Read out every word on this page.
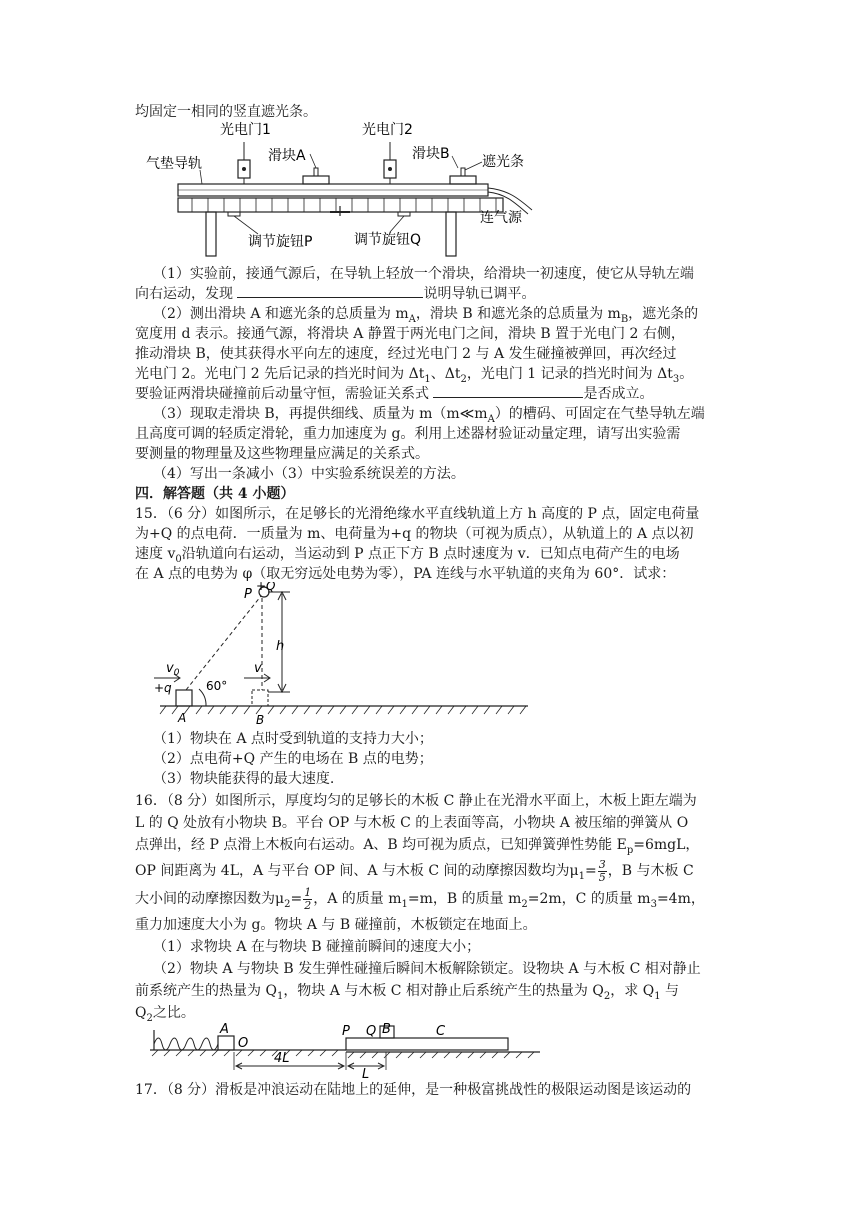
均固定一相同的竖直遮光条。
光电门1	光电门2
气垫导轨	滑块A	滑块B 遮光条
连气源
调节旋钮P	调节旋钮Q
（1）实验前，接通气源后，在导轨上轻放一个滑块，给滑块一初速度，使它从导轨左端
向右运动，发现	说明导轨已调平。
（2）测出滑块 A 和遮光条的总质量为 $m_A$，滑块 B 和遮光条的总质量为 $m_B$，遮光条的
宽度用 d 表示。接通气源，将滑块 A 静置于两光电门之间，滑块 B 置于光电门 2 右侧，
推动滑块 B，使其获得水平向左的速度，经过光电门 2 与 A 发生碰撞被弹回，再次经过
光电门 2。光电门 2 先后记录的挡光时间为 $\Delta t_1$、$\Delta t_2$，光电门 1 记录的挡光时间为 $\Delta t_3$。
要验证两滑块碰撞前后动量守恒，需验证关系式	是否成立。
（3）现取走滑块 B，再提供细线、质量为 $m(m≪m_A)$的槽码、可固定在气垫导轨左端
且高度可调的轻质定滑轮，重力加速度为 g。利用上述器材验证动量定理，请写出实验需
要测量的物理量及这些物理量应满足的关系式。
（4）写出一条减小（3）中实验系统误差的方法。
四．解答题（共 4 小题）
15．（6 分）如图所示，在足够长的光滑绝缘水平直线轨道上方 h 高度的 P 点，固定电荷量
为+Q 的点电荷．一质量为 m、电荷量为+q 的物块（可视为质点），从轨道上的 A 点以初
速度 $v_0$沿轨道向右运动，当运动到 P 点正下方 B 点时速度为 v．已知点电荷产生的电场
在 A 点的电势为 φ（取无穷远处电势为零），PA 连线与水平轨道的夹角为 60°．试求：
P
+Q
h
$v_0$
+q
v
60°
A	B
（1）物块在 A 点时受到轨道的支持力大小；
（2）点电荷+Q 产生的电场在 B 点的电势；
（3）物块能获得的最大速度.
16．（8 分）如图所示，厚度均匀的足够长的木板 C 静止在光滑水平面上，木板上距左端为
L 的 Q 处放有小物块 B。平台 OP 与木板 C 的上表面等高，小物块 A 被压缩的弹簧从 O
点弹出，经 P 点滑上木板向右运动。A、B 均可视为质点，已知弹簧弹性势能 $E_p=6mgL$，
OP 间距离为 4L，A 与平台 OP 间、A 与木板 C 间的动摩擦因数均为$\mu_1= \frac{3}{5}$ ，B 与木板 C
大小间的动摩擦因数为$\mu_2= \frac{1}{2}$ ，A 的质量 $m_1=m$，B 的质量 $m_2=2m$，C 的质量 $m_3=4m$，
重力加速度大小为 g。物块 A 与 B 碰撞前，木板锁定在地面上。
（1）求物块 A 在与物块 B 碰撞前瞬间的速度大小；
（2）物块 A 与物块 B 发生弹性碰撞后瞬间木板解除锁定。设物块 A 与木板 C 相对静止
前系统产生的热量为 $Q_1$，物块 A 与木板 C 相对静止后系统产生的热量为 $Q_2$，求 $Q_1$ 与
$Q_2$之比。
A
O
P Q B	C
4L
L
17．（8 分）滑板是冲浪运动在陆地上的延伸，是一种极富挑战性的极限运动图是该运动的
